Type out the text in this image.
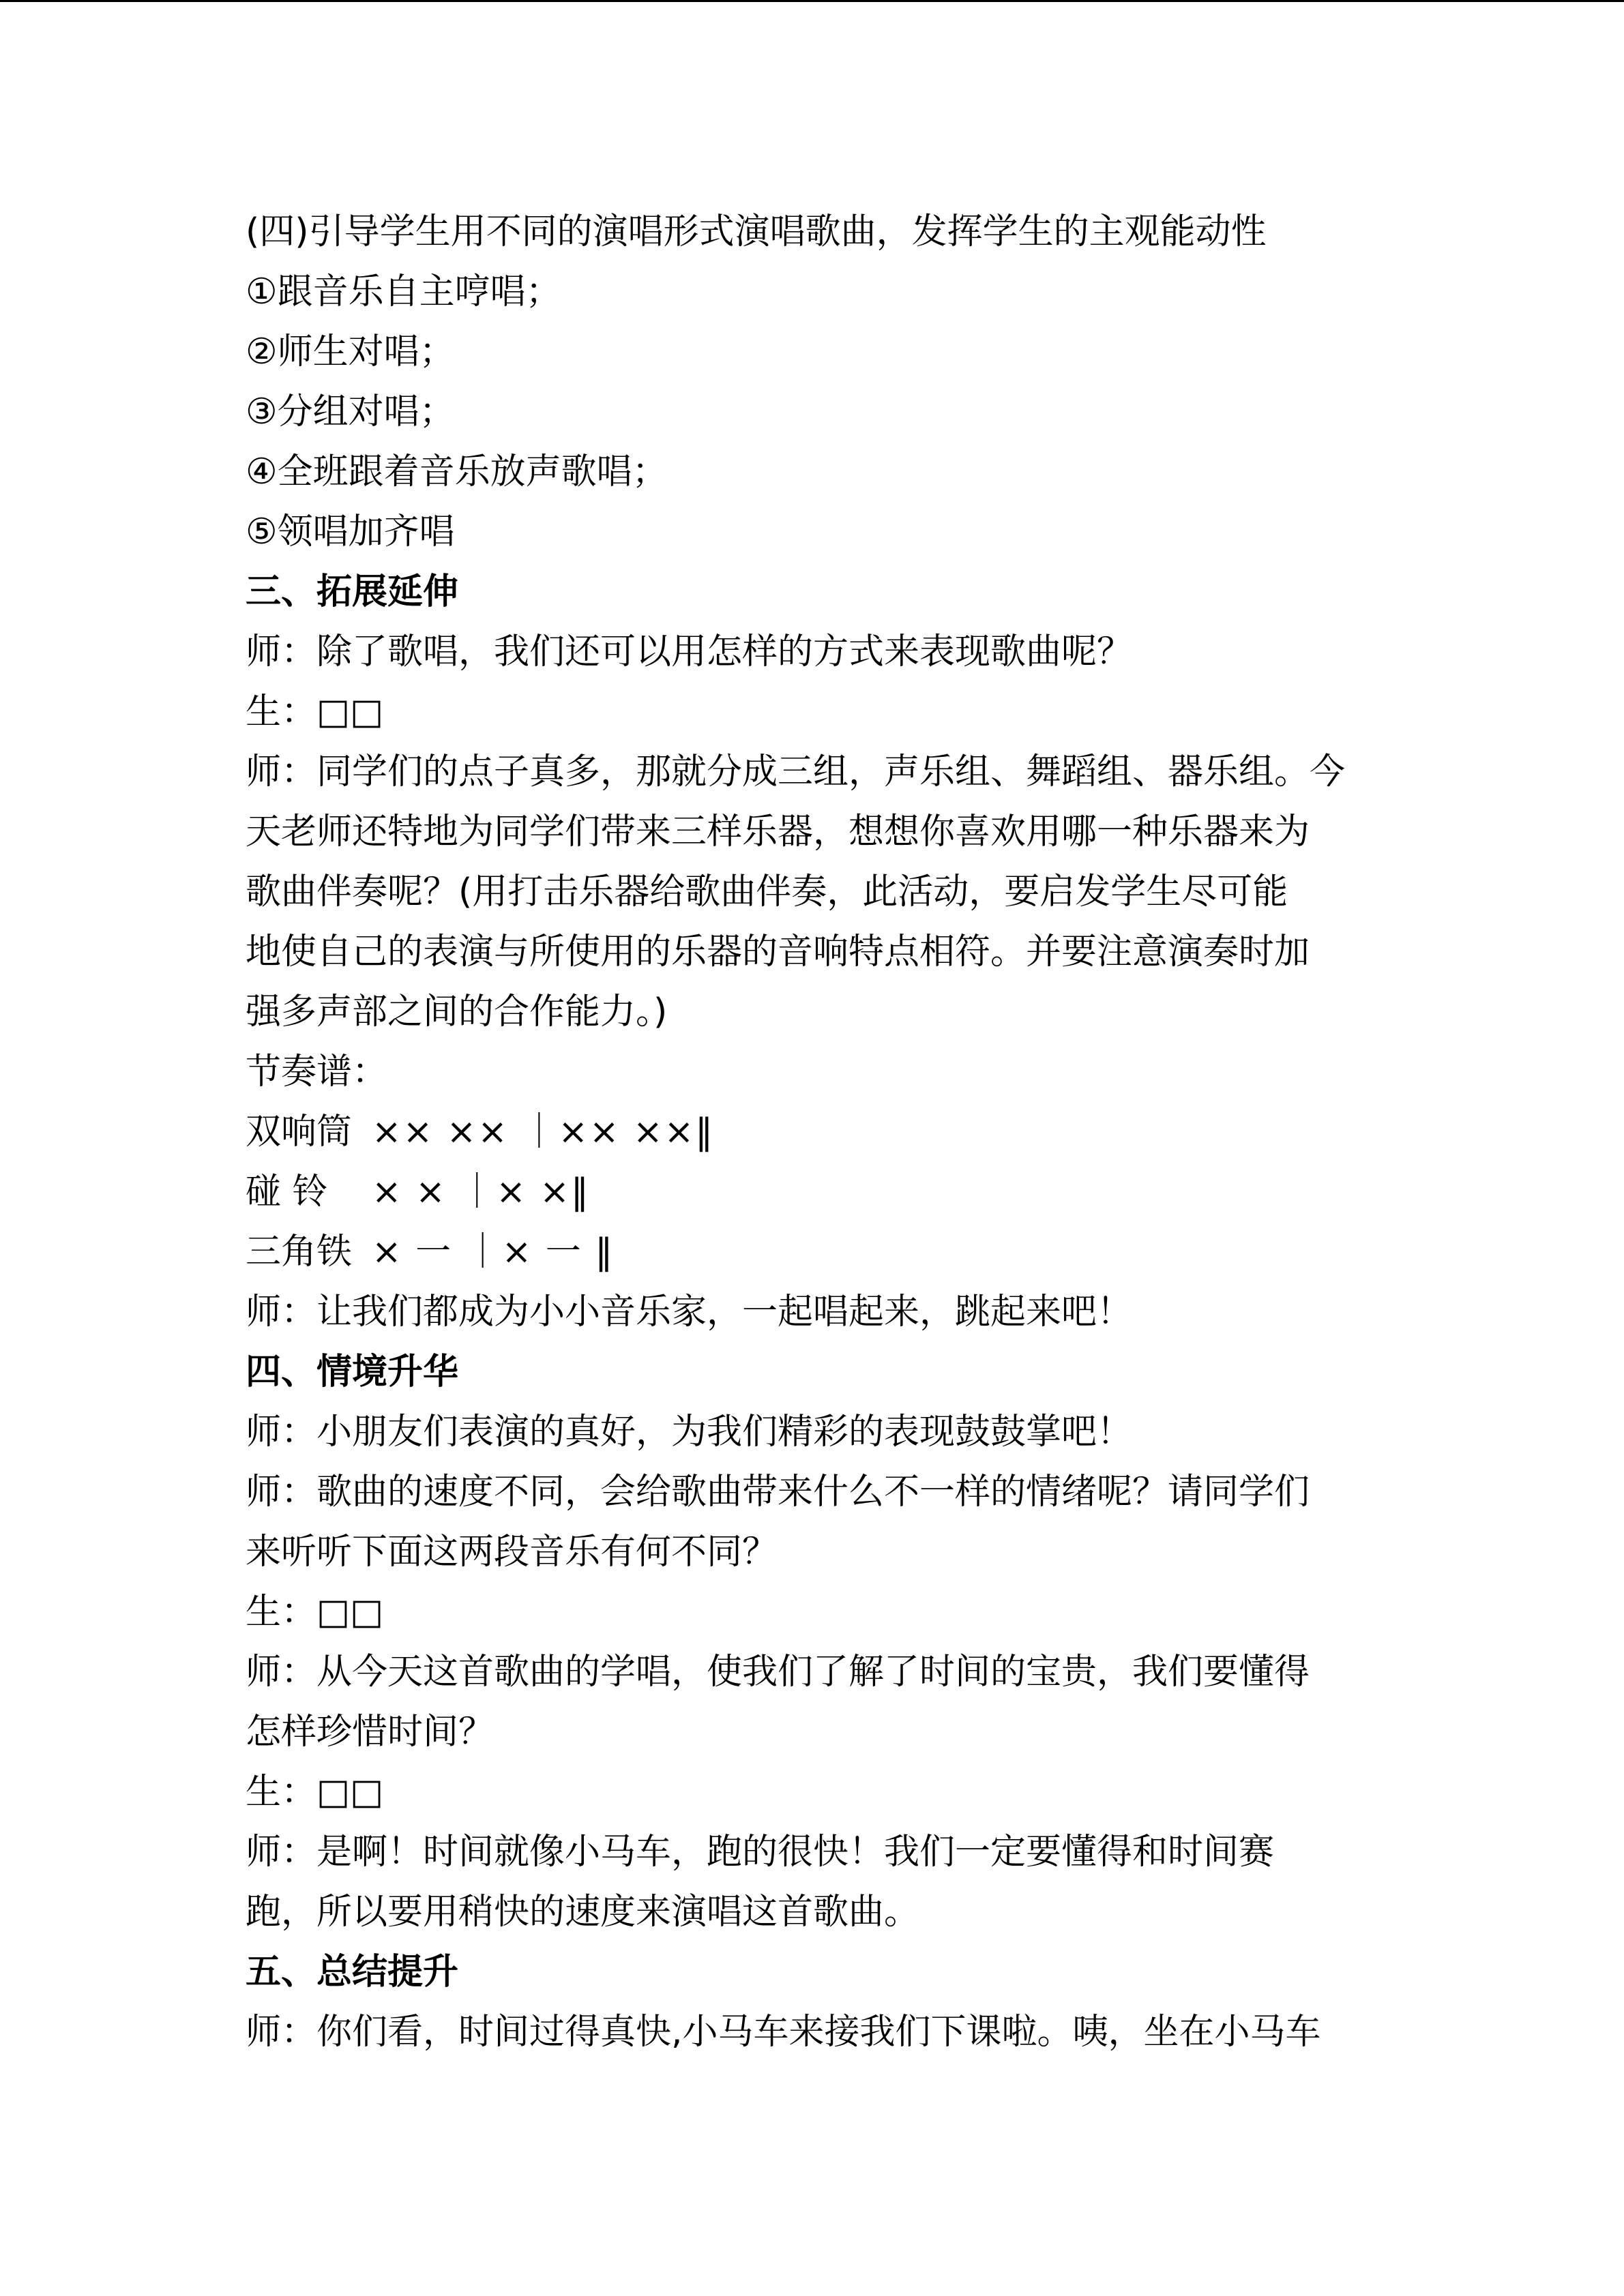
(四)引导学生用不同的演唱形式演唱歌曲，发挥学生的主观能动性
①跟音乐自主哼唱；
②师生对唱；
③分组对唱；
④全班跟着音乐放声歌唱；
⑤领唱加齐唱
三、拓展延伸
师：除了歌唱，我们还可以用怎样的方式来表现歌曲呢？
生：□□
师：同学们的点子真多，那就分成三组，声乐组、舞蹈组、器乐组。今
天老师还特地为同学们带来三样乐器，想想你喜欢用哪一种乐器来为
歌曲伴奏呢？(用打击乐器给歌曲伴奏，此活动，要启发学生尽可能
地使自己的表演与所使用的乐器的音响特点相符。并要注意演奏时加
强多声部之间的合作能力。)
节奏谱：
双响筒 ×× ×× ｜×× ××‖
碰 铃 × × ｜× ×‖
三角铁 × 一 ｜× 一 ‖
师：让我们都成为小小音乐家，一起唱起来，跳起来吧！
四、情境升华
师：小朋友们表演的真好，为我们精彩的表现鼓鼓掌吧！
师：歌曲的速度不同，会给歌曲带来什么不一样的情绪呢？请同学们
来听听下面这两段音乐有何不同？
生：□□
师：从今天这首歌曲的学唱，使我们了解了时间的宝贵，我们要懂得
怎样珍惜时间？
生：□□
师：是啊！时间就像小马车，跑的很快！我们一定要懂得和时间赛
跑，所以要用稍快的速度来演唱这首歌曲。
五、总结提升
师：你们看，时间过得真快,小马车来接我们下课啦。咦，坐在小马车
